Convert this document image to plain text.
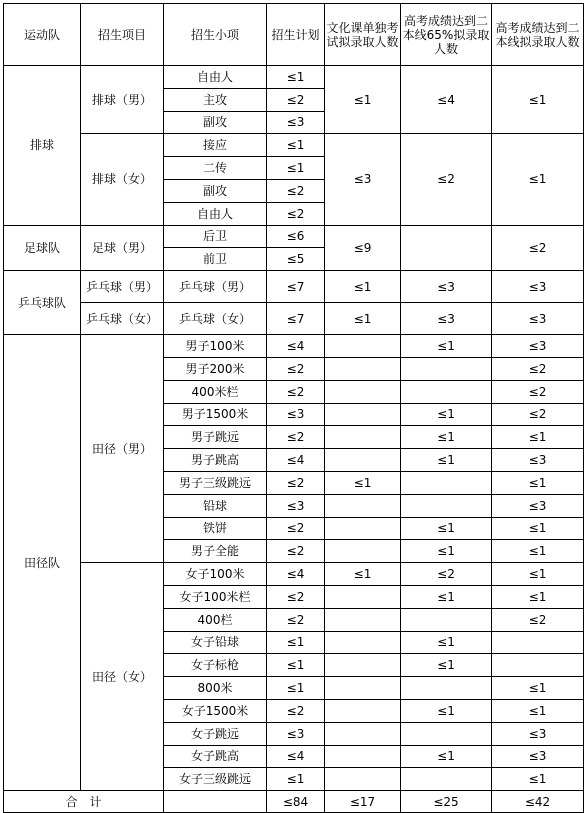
运动队	招生项目	招生小项	招生计划	文化课单独考试拟录取人数	高考成绩达到二本线65%拟录取人数	高考成绩达到二本线拟录取人数
排球	排球（男）	自由人	≤1	≤1	≤4	≤1
		主攻	≤2			
		副攻	≤3			
	排球（女）	接应	≤1	≤3	≤2	≤1
		二传	≤1			
		副攻	≤2			
		自由人	≤2			
足球队	足球（男）	后卫	≤6	≤9		≤2
		前卫	≤5			
乒乓球队	乒乓球（男）	乒乓球（男）	≤7	≤1	≤3	≤3
	乒乓球（女）	乒乓球（女）	≤7	≤1	≤3	≤3
田径队	田径（男）	男子100米	≤4		≤1	≤3
		男子200米	≤2			≤2
		400米栏	≤2			≤2
		男子1500米	≤3		≤1	≤2
		男子跳远	≤2		≤1	≤1
		男子跳高	≤4		≤1	≤3
		男子三级跳远	≤2	≤1		≤1
		铅球	≤3			≤3
		铁饼	≤2		≤1	≤1
		男子全能	≤2		≤1	≤1
	田径（女）	女子100米	≤4	≤1	≤2	≤1
		女子100米栏	≤2		≤1	≤1
		400栏	≤2			≤2
		女子铅球	≤1		≤1	
		女子标枪	≤1		≤1	
		800米	≤1			≤1
		女子1500米	≤2		≤1	≤1
		女子跳远	≤3			≤3
		女子跳高	≤4		≤1	≤3
		女子三级跳远	≤1			≤1
合　计			≤84	≤17	≤25	≤42
